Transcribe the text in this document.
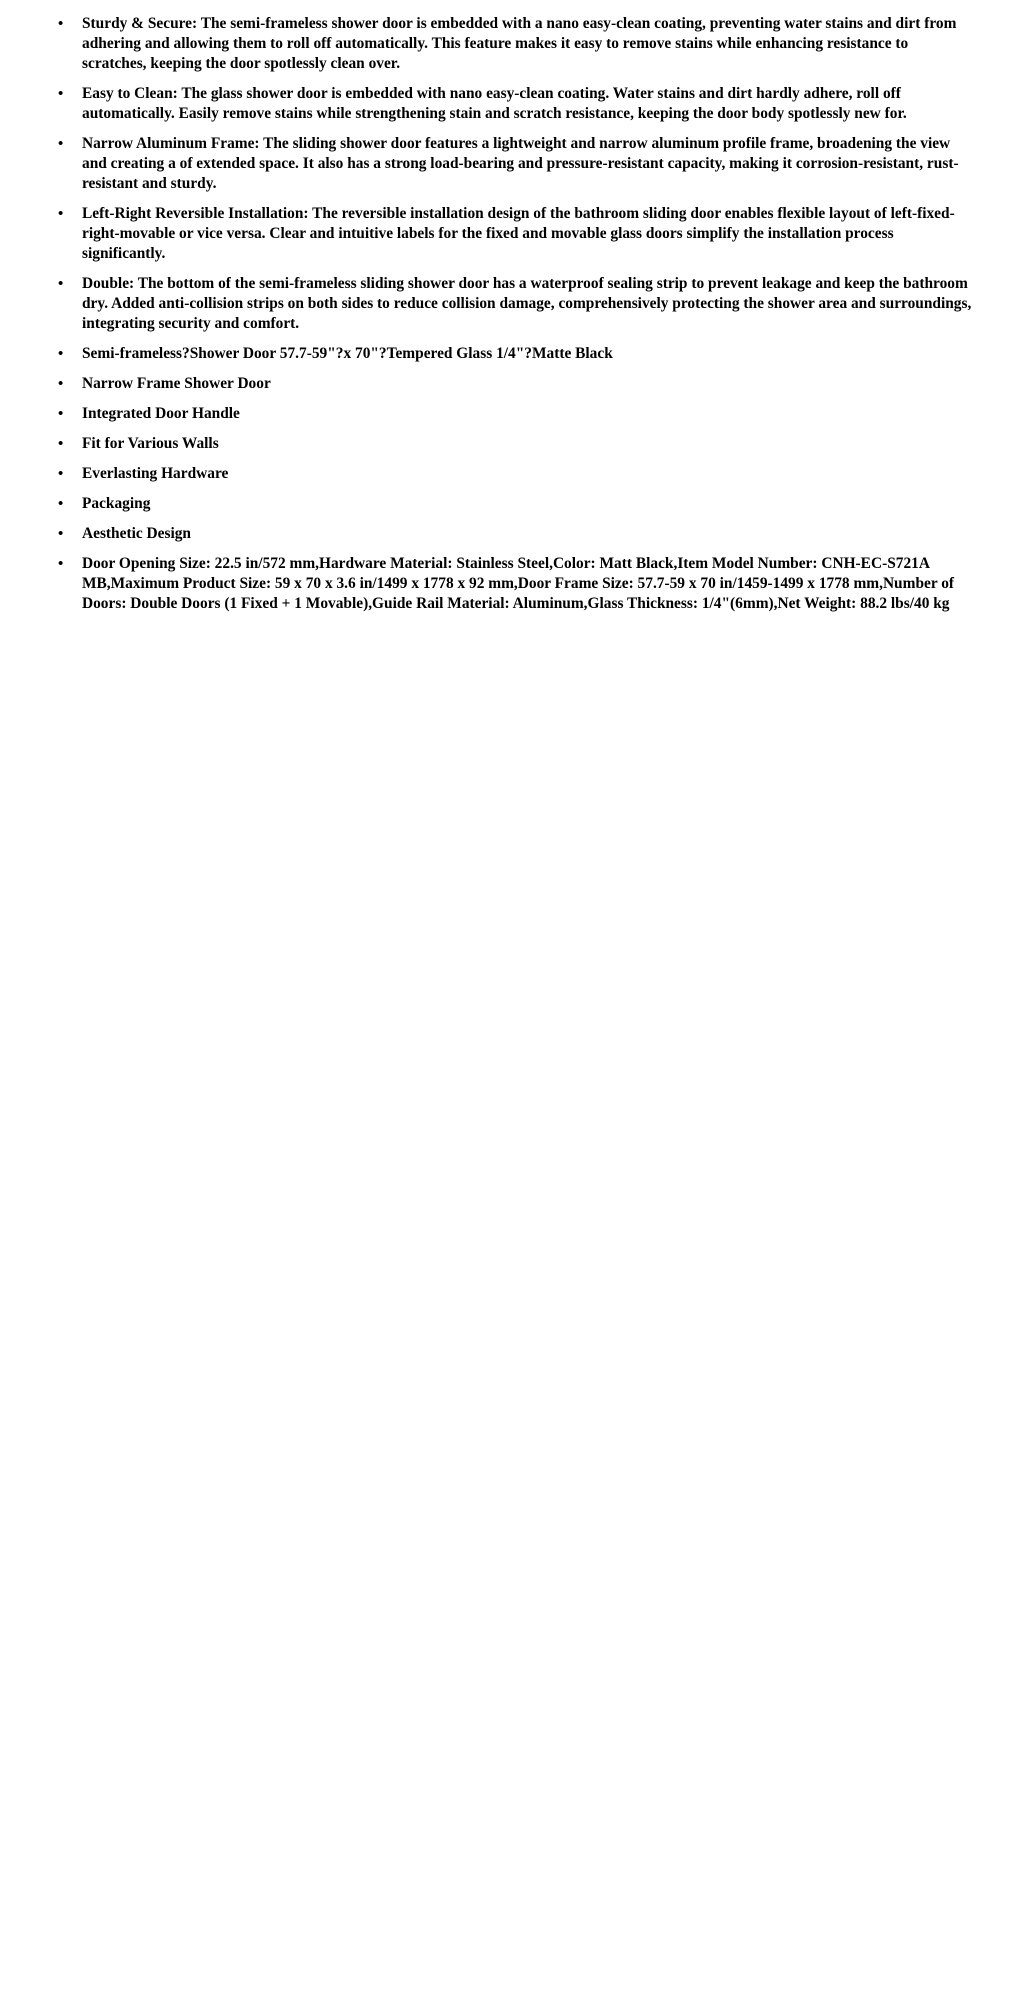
• Sturdy & Secure: The semi-frameless shower door is embedded with a nano easy-clean coating, preventing water stains and dirt from adhering and allowing them to roll off automatically. This feature makes it easy to remove stains while enhancing resistance to scratches, keeping the door spotlessly clean over.
• Easy to Clean: The glass shower door is embedded with nano easy-clean coating. Water stains and dirt hardly adhere, roll off automatically. Easily remove stains while strengthening stain and scratch resistance, keeping the door body spotlessly new for.
• Narrow Aluminum Frame: The sliding shower door features a lightweight and narrow aluminum profile frame, broadening the view and creating a of extended space. It also has a strong load-bearing and pressure-resistant capacity, making it corrosion-resistant, rust-resistant and sturdy.
• Left-Right Reversible Installation: The reversible installation design of the bathroom sliding door enables flexible layout of left-fixed-right-movable or vice versa. Clear and intuitive labels for the fixed and movable glass doors simplify the installation process significantly.
• Double: The bottom of the semi-frameless sliding shower door has a waterproof sealing strip to prevent leakage and keep the bathroom dry. Added anti-collision strips on both sides to reduce collision damage, comprehensively protecting the shower area and surroundings, integrating security and comfort.
• Semi-frameless?Shower Door 57.7-59"?x 70"?Tempered Glass 1/4"?Matte Black
• Narrow Frame Shower Door
• Integrated Door Handle
• Fit for Various Walls
• Everlasting Hardware
• Packaging
• Aesthetic Design
• Door Opening Size: 22.5 in/572 mm,Hardware Material: Stainless Steel,Color: Matt Black,Item Model Number: CNH-EC-S721A MB,Maximum Product Size: 59 x 70 x 3.6 in/1499 x 1778 x 92 mm,Door Frame Size: 57.7-59 x 70 in/1459-1499 x 1778 mm,Number of Doors: Double Doors (1 Fixed + 1 Movable),Guide Rail Material: Aluminum,Glass Thickness: 1/4"(6mm),Net Weight: 88.2 lbs/40 kg
